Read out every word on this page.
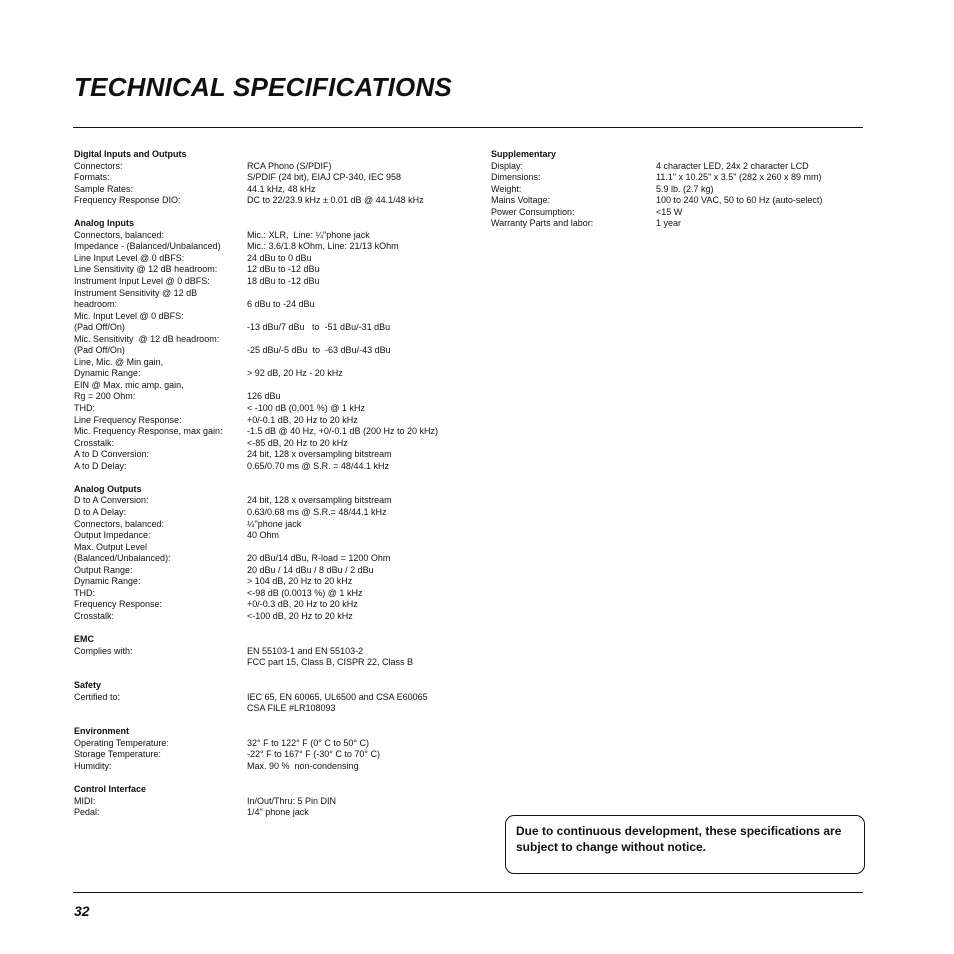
TECHNICAL SPECIFICATIONS
Digital Inputs and Outputs
Connectors:	RCA Phono (S/PDIF)
Formats:	S/PDIF (24 bit), EIAJ CP-340, IEC 958
Sample Rates:	44.1 kHz, 48 kHz
Frequency Response DIO:	DC to 22/23.9 kHz ± 0.01 dB @ 44.1/48 kHz
Analog Inputs
Connectors, balanced:	Mic.: XLR,  Line: ¼"phone jack
Impedance - (Balanced/Unbalanced)	Mic.: 3.6/1.8 kOhm, Line: 21/13 kOhm
Line Input Level @ 0 dBFS:	24 dBu to 0 dBu
Line Sensitivity @ 12 dB headroom:	12 dBu to -12 dBu
Instrument Input Level @ 0 dBFS:	18 dBu to -12 dBu
Instrument Sensitivity @ 12 dB
headroom:	6 dBu to -24 dBu
Mic. Input Level @ 0 dBFS:
(Pad Off/On)	-13 dBu/7 dBu   to  -51 dBu/-31 dBu
Mic. Sensitivity  @ 12 dB headroom:
(Pad Off/On)	-25 dBu/-5 dBu  to  -63 dBu/-43 dBu
Line, Mic. @ Min gain,
Dynamic Range:	> 92 dB, 20 Hz - 20 kHz
EIN @ Max. mic amp. gain,
Rg = 200 Ohm:	126 dBu
THD:	< -100 dB (0,001 %) @ 1 kHz
Line Frequency Response:	+0/-0.1 dB, 20 Hz to 20 kHz
Mic. Frequency Response, max gain:	-1.5 dB @ 40 Hz, +0/-0.1 dB (200 Hz to 20 kHz)
Crosstalk:	<-85 dB, 20 Hz to 20 kHz
A to D Conversion:	24 bit, 128 x oversampling bitstream
A to D Delay:	0.65/0.70 ms @ S.R. = 48/44.1 kHz
Analog Outputs
D to A Conversion:	24 bit, 128 x oversampling bitstream
D to A Delay:	0.63/0.68 ms @ S.R.= 48/44.1 kHz
Connectors, balanced:	¼"phone jack
Output Impedance:	40 Ohm
Max. Output Level
(Balanced/Unbalanced):	20 dBu/14 dBu, R-load = 1200 Ohm
Output Range:	20 dBu / 14 dBu / 8 dBu / 2 dBu
Dynamic Range:	> 104 dB, 20 Hz to 20 kHz
THD:	<-98 dB (0.0013 %) @ 1 kHz
Frequency Response:	+0/-0.3 dB, 20 Hz to 20 kHz
Crosstalk:	<-100 dB, 20 Hz to 20 kHz
EMC
Complies with:	EN 55103-1 and EN 55103-2
FCC part 15, Class B, CISPR 22, Class B
Safety
Certified to:	IEC 65, EN 60065, UL6500 and CSA E60065
CSA FILE #LR108093
Environment
Operating Temperature:	32° F to 122° F (0° C to 50° C)
Storage Temperature:	-22° F to 167° F (-30° C to 70° C)
Humidity:	Max. 90 %  non-condensing
Control Interface
MIDI:	In/Out/Thru: 5 Pin DIN
Pedal:	1/4" phone jack
Supplementary
Display:	4 character LED, 24x 2 character LCD
Dimensions:	11.1" x 10.25" x 3.5" (282 x 260 x 89 mm)
Weight:	5.9 lb. (2.7 kg)
Mains Voltage:	100 to 240 VAC, 50 to 60 Hz (auto-select)
Power Consumption:	<15 W
Warranty Parts and labor:	1 year
Due to continuous development, these specifications are subject to change without notice.
32
